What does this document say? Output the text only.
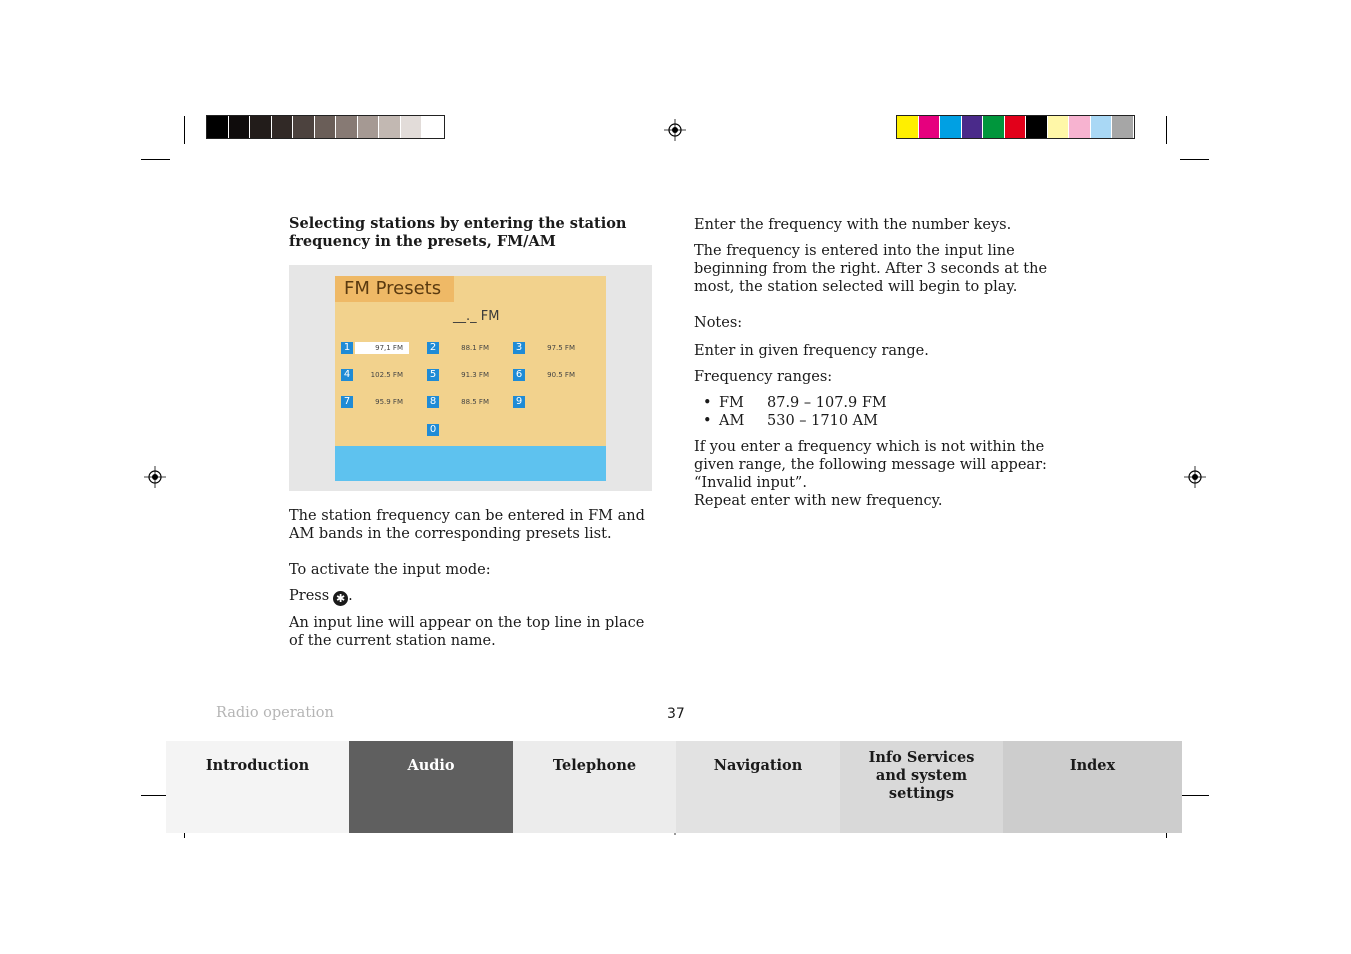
Selecting stations by entering the station frequency in the presets, FM/AM

FM Presets
__._ FM
1	97,1 FM	2	88.1 FM	3	97.5 FM
4	102.5 FM	5	91.3 FM	6	90.5 FM
7	95.9 FM	8	88.5 FM	9
0

The station frequency can be entered in FM and AM bands in the corresponding presets list.

To activate the input mode:

Press ✱ .

An input line will appear on the top line in place of the current station name.

Enter the frequency with the number keys.

The frequency is entered into the input line beginning from the right. After 3 seconds at the most, the station selected will begin to play.

Notes:

Enter in given frequency range.

Frequency ranges:

• FM 87.9 – 107.9 FM
• AM 530 – 1710 AM

If you enter a frequency which is not within the given range, the following message will appear: “Invalid input”.

Repeat enter with new frequency.

Radio operation	37
Introduction	Audio	Telephone	Navigation	Info Services and system settings
Index
